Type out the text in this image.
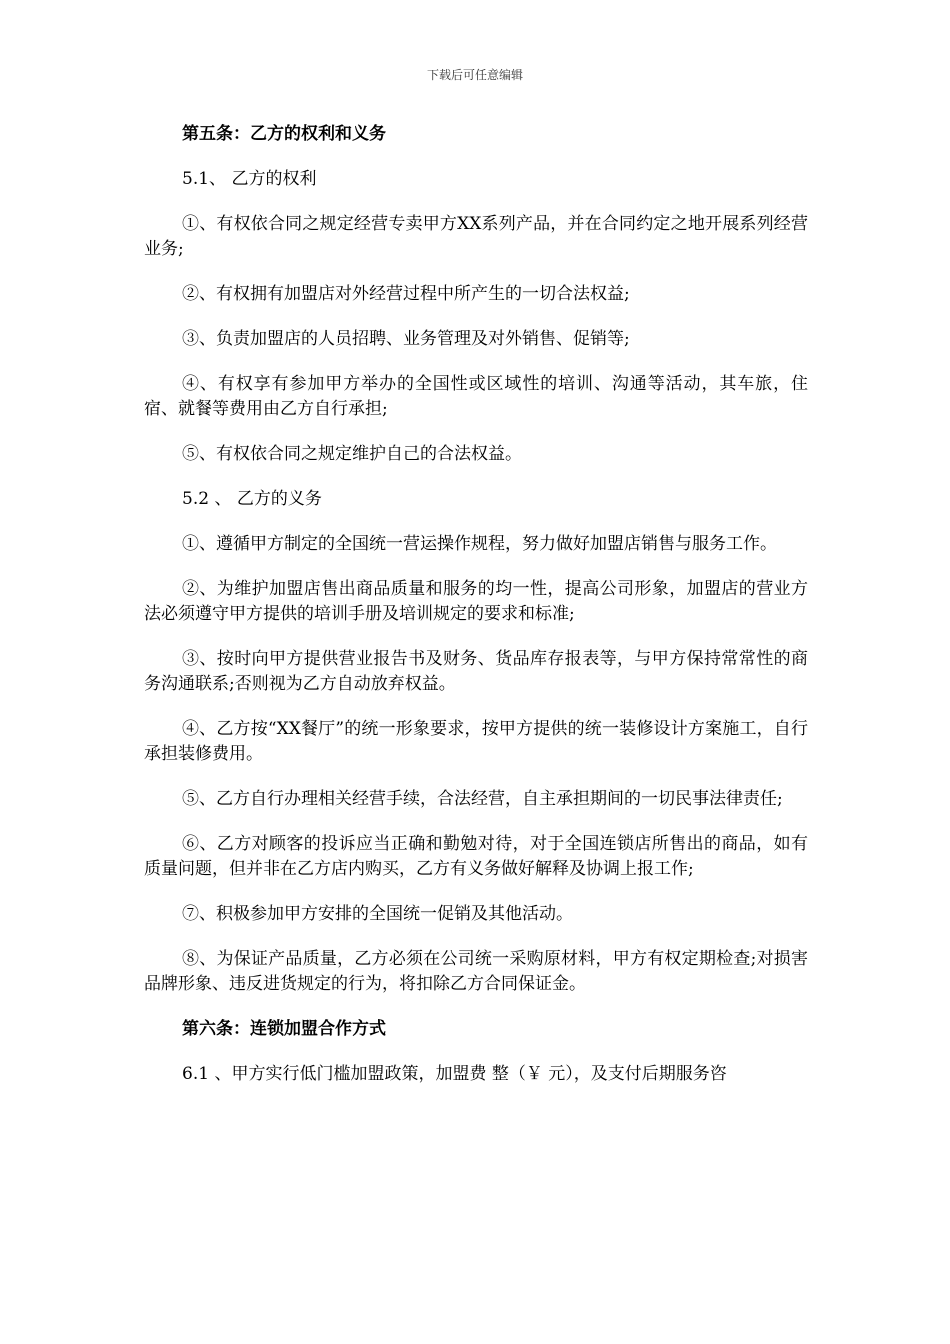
下载后可任意编辑

第五条：乙方的权利和义务

5.1、 乙方的权利

①、有权依合同之规定经营专卖甲方XX系列产品，并在合同约定之地开展系列经营业务;

②、有权拥有加盟店对外经营过程中所产生的一切合法权益;

③、负责加盟店的人员招聘、业务管理及对外销售、促销等;

④、有权享有参加甲方举办的全国性或区域性的培训、沟通等活动，其车旅，住宿、就餐等费用由乙方自行承担;

⑤、有权依合同之规定维护自己的合法权益。

5.2 、 乙方的义务

①、遵循甲方制定的全国统一营运操作规程，努力做好加盟店销售与服务工作。

②、为维护加盟店售出商品质量和服务的均一性，提高公司形象，加盟店的营业方法必须遵守甲方提供的培训手册及培训规定的要求和标准;

③、按时向甲方提供营业报告书及财务、货品库存报表等，与甲方保持常常性的商务沟通联系;否则视为乙方自动放弃权益。

④、乙方按“XX餐厅”的统一形象要求，按甲方提供的统一装修设计方案施工，自行承担装修费用。

⑤、乙方自行办理相关经营手续，合法经营，自主承担期间的一切民事法律责任;

⑥、乙方对顾客的投诉应当正确和勤勉对待，对于全国连锁店所售出的商品，如有质量问题，但并非在乙方店内购买，乙方有义务做好解释及协调上报工作;

⑦、积极参加甲方安排的全国统一促销及其他活动。

⑧、为保证产品质量，乙方必须在公司统一采购原材料，甲方有权定期检查;对损害品牌形象、违反进货规定的行为，将扣除乙方合同保证金。

第六条：连锁加盟合作方式

6.1 、甲方实行低门槛加盟政策，加盟费 整（￥ 元），及支付后期服务咨
